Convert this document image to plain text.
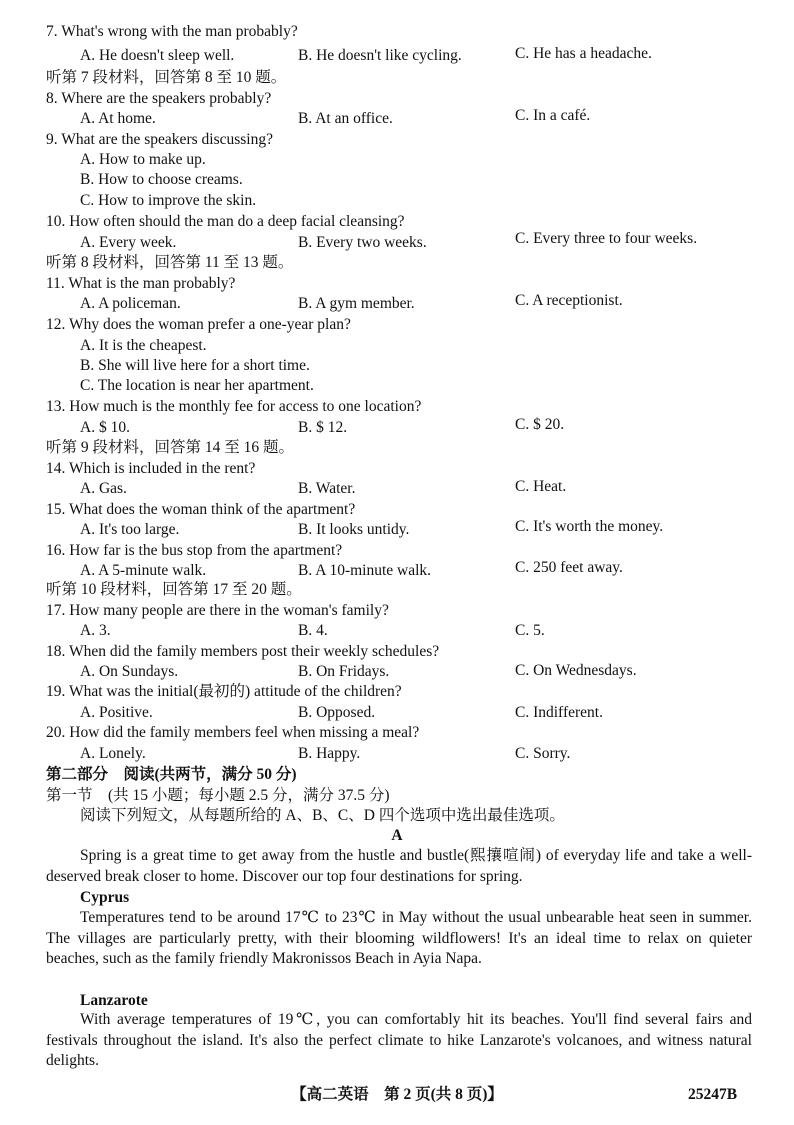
7. What's wrong with the man probably?
A. He doesn't sleep well.	B. He doesn't like cycling.	C. He has a headache.
听第 7 段材料，回答第 8 至 10 题。
8. Where are the speakers probably?
A. At home.	B. At an office.	C. In a café.
9. What are the speakers discussing?
A. How to make up.
B. How to choose creams.
C. How to improve the skin.
10. How often should the man do a deep facial cleansing?
A. Every week.	B. Every two weeks.	C. Every three to four weeks.
听第 8 段材料，回答第 11 至 13 题。
11. What is the man probably?
A. A policeman.	B. A gym member.	C. A receptionist.
12. Why does the woman prefer a one-year plan?
A. It is the cheapest.
B. She will live here for a short time.
C. The location is near her apartment.
13. How much is the monthly fee for access to one location?
A. $ 10.	B. $ 12.	C. $ 20.
听第 9 段材料，回答第 14 至 16 题。
14. Which is included in the rent?
A. Gas.	B. Water.	C. Heat.
15. What does the woman think of the apartment?
A. It's too large.	B. It looks untidy.	C. It's worth the money.
16. How far is the bus stop from the apartment?
A. A 5-minute walk.	B. A 10-minute walk.	C. 250 feet away.
听第 10 段材料，回答第 17 至 20 题。
17. How many people are there in the woman's family?
A. 3.	B. 4.	C. 5.
18. When did the family members post their weekly schedules?
A. On Sundays.	B. On Fridays.	C. On Wednesdays.
19. What was the initial(最初的) attitude of the children?
A. Positive.	B. Opposed.	C. Indifferent.
20. How did the family members feel when missing a meal?
A. Lonely.	B. Happy.	C. Sorry.
第二部分　阅读(共两节，满分 50 分)
第一节　(共 15 小题；每小题 2.5 分，满分 37.5 分)
阅读下列短文，从每题所给的 A、B、C、D 四个选项中选出最佳选项。
A
Spring is a great time to get away from the hustle and bustle(熙攘喧闹) of everyday life and take a well-deserved break closer to home. Discover our top four destinations for spring.
Cyprus
Temperatures tend to be around 17℃ to 23℃ in May without the usual unbearable heat seen in summer. The villages are particularly pretty, with their blooming wildflowers! It's an ideal time to relax on quieter beaches, such as the family friendly Makronissos Beach in Ayia Napa.
Lanzarote
With average temperatures of 19℃, you can comfortably hit its beaches. You'll find several fairs and festivals throughout the island. It's also the perfect climate to hike Lanzarote's volcanoes, and witness natural delights.
【高二英语　第 2 页(共 8 页)】	25247B
